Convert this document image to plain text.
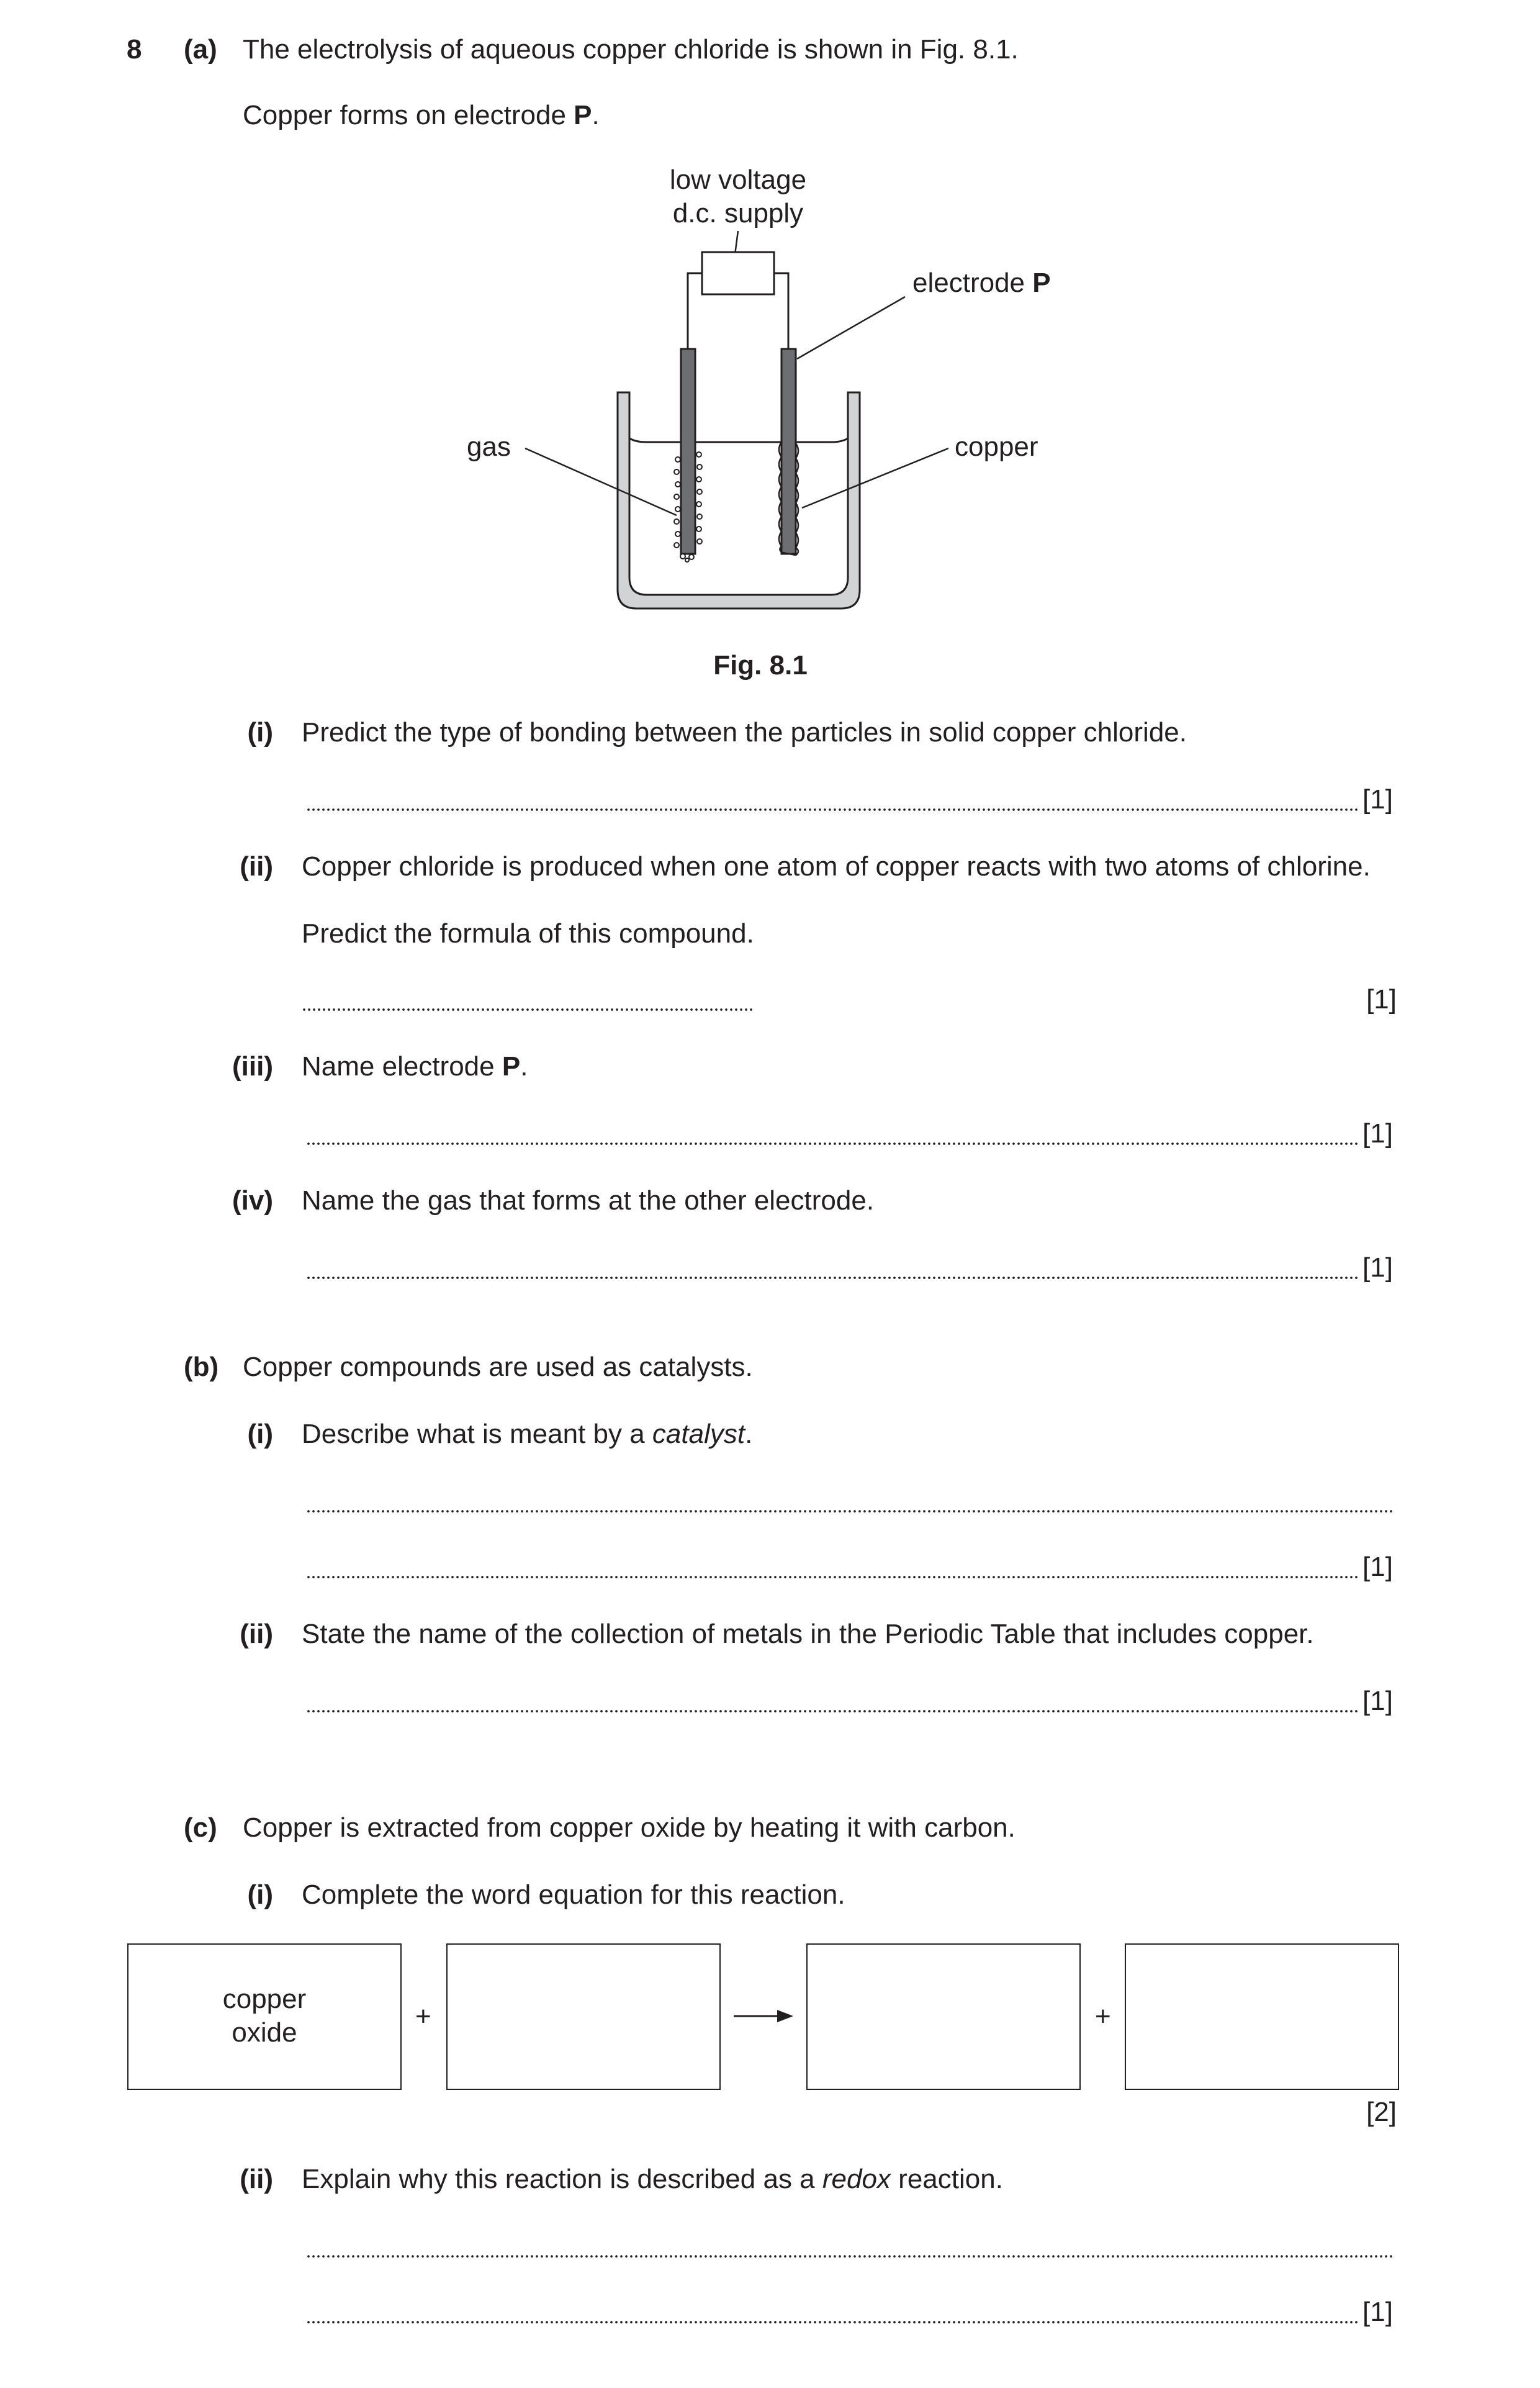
8 (a) The electrolysis of aqueous copper chloride is shown in Fig. 8.1.
Copper forms on electrode P.
low voltage
d.c. supply
electrode P
gas	copper
Fig. 8.1
(i) Predict the type of bonding between the particles in solid copper chloride.
[1]
(ii) Copper chloride is produced when one atom of copper reacts with two atoms of chlorine.
Predict the formula of this compound.
[1]
(iii) Name electrode P.
[1]
(iv) Name the gas that forms at the other electrode.
[1]
(b) Copper compounds are used as catalysts.
(i) Describe what is meant by a catalyst.
[1]
(ii) State the name of the collection of metals in the Periodic Table that includes copper.
[1]
(c) Copper is extracted from copper oxide by heating it with carbon.
(i) Complete the word equation for this reaction.
copper
oxide
+	+
[2]
(ii) Explain why this reaction is described as a redox reaction.
[1]
